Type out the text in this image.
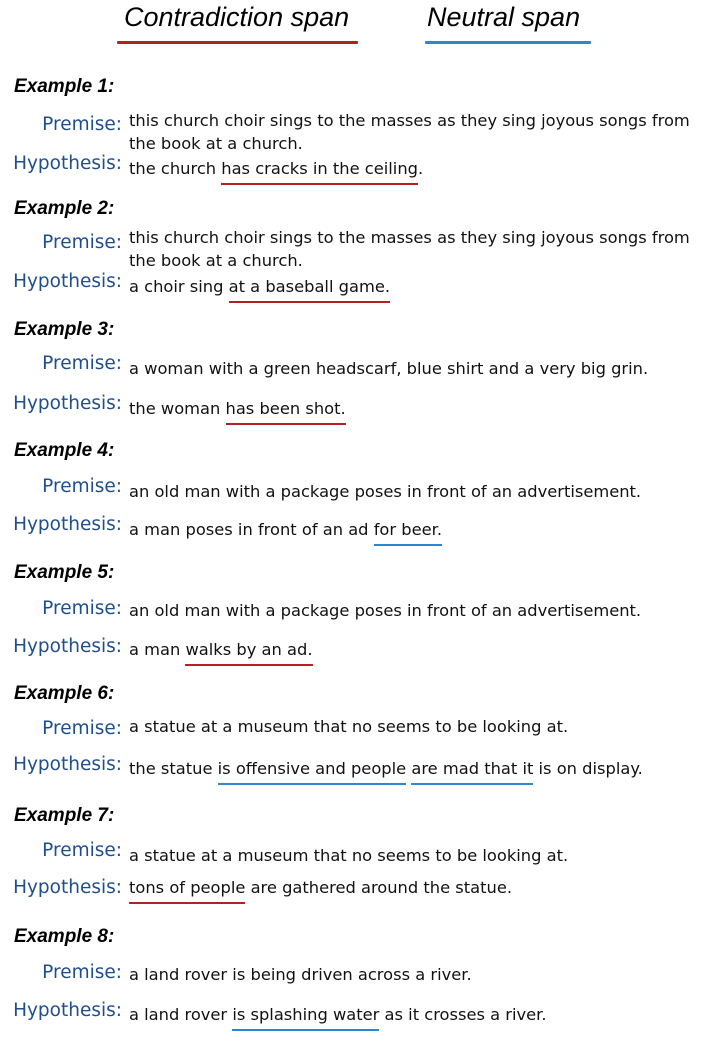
Contradiction span	Neutral span
Example 1:
Premise: this church choir sings to the masses as they sing joyous songs from the book at a church.
Hypothesis: the church has cracks in the ceiling.
Example 2:
Premise: this church choir sings to the masses as they sing joyous songs from the book at a church.
Hypothesis: a choir sing at a baseball game.
Example 3:
Premise: a woman with a green headscarf, blue shirt and a very big grin.
Hypothesis: the woman has been shot.
Example 4:
Premise: an old man with a package poses in front of an advertisement.
Hypothesis: a man poses in front of an ad for beer.
Example 5:
Premise: an old man with a package poses in front of an advertisement.
Hypothesis: a man walks by an ad.
Example 6:
Premise: a statue at a museum that no seems to be looking at.
Hypothesis: the statue is offensive and people are mad that it is on display.
Example 7:
Premise: a statue at a museum that no seems to be looking at.
Hypothesis: tons of people are gathered around the statue.
Example 8:
Premise: a land rover is being driven across a river.
Hypothesis: a land rover is splashing water as it crosses a river.
